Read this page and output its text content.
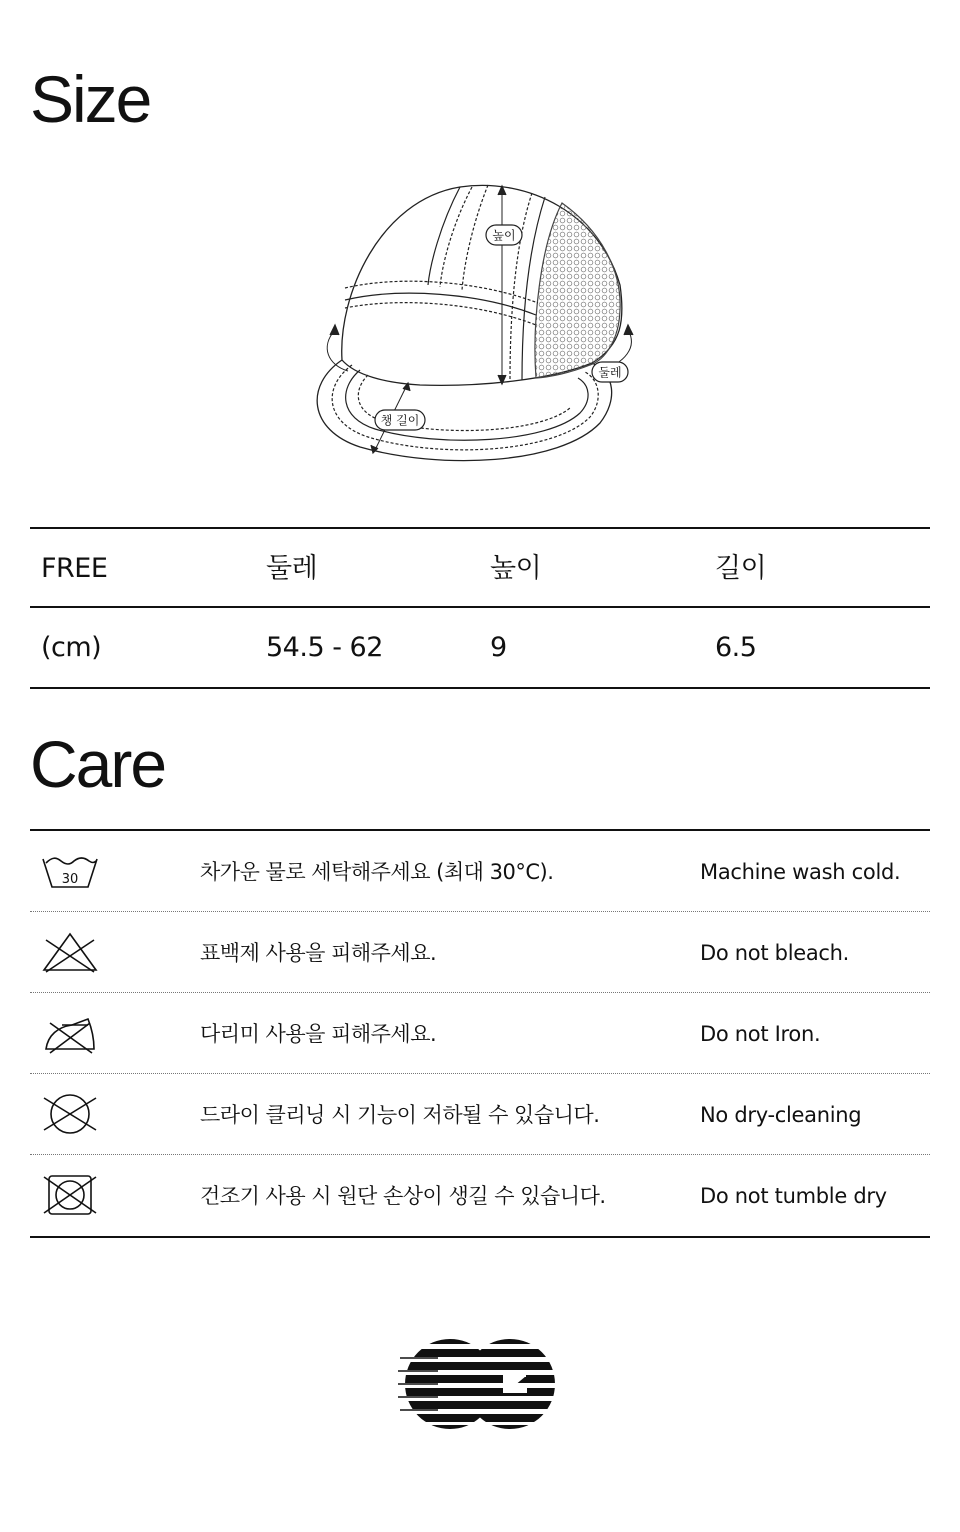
Size
높이
둘레
챙 길이
FREE	둘레	높이	길이
(cm)	54.5 - 62	9	6.5
Care
30	차가운 물로 세탁해주세요 (최대 30°C).	Machine wash cold.
표백제 사용을 피해주세요.	Do not bleach.
다리미 사용을 피해주세요.	Do not Iron.
드라이 클리닝 시 기능이 저하될 수 있습니다.	No dry-cleaning
건조기 사용 시 원단 손상이 생길 수 있습니다.	Do not tumble dry
